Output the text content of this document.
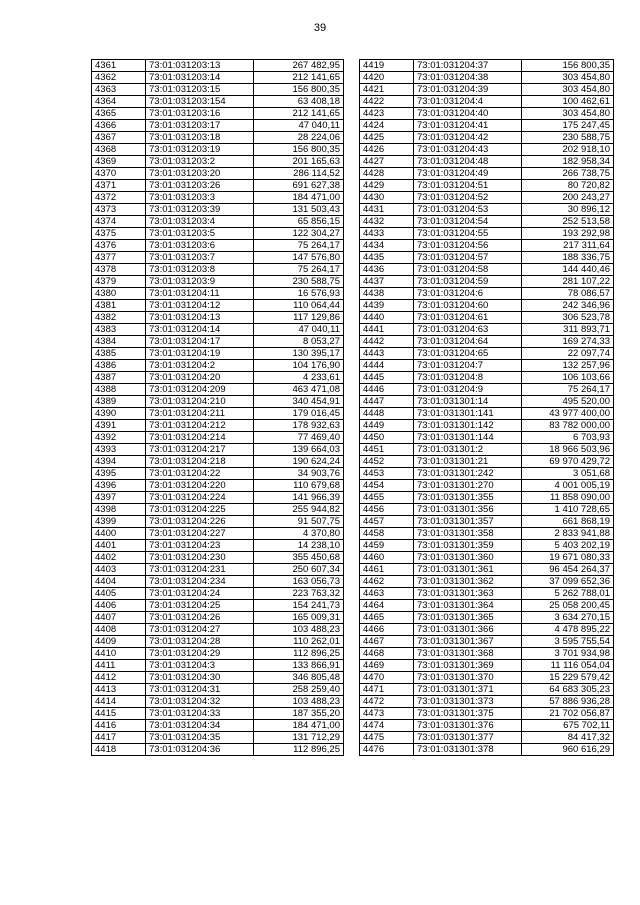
39
4361	73:01:031203:13	267 482,95
4362	73:01:031203:14	212 141,65
4363	73:01:031203:15	156 800,35
4364	73:01:031203:154	63 408,18
4365	73:01:031203:16	212 141,65
4366	73:01:031203:17	47 040,11
4367	73:01:031203:18	28 224,06
4368	73:01:031203:19	156 800,35
4369	73:01:031203:2	201 165,63
4370	73:01:031203:20	286 114,52
4371	73:01:031203:26	691 627,38
4372	73:01:031203:3	184 471,00
4373	73:01:031203:39	131 503,43
4374	73:01:031203:4	65 856,15
4375	73:01:031203:5	122 304,27
4376	73:01:031203:6	75 264,17
4377	73:01:031203:7	147 576,80
4378	73:01:031203:8	75 264,17
4379	73:01:031203:9	230 588,75
4380	73:01:031204:11	16 576,93
4381	73:01:031204:12	110 064,44
4382	73:01:031204:13	117 129,86
4383	73:01:031204:14	47 040,11
4384	73:01:031204:17	8 053,27
4385	73:01:031204:19	130 395,17
4386	73:01:031204:2	104 176,90
4387	73:01:031204:20	4 233,61
4388	73:01:031204:209	463 471,08
4389	73:01:031204:210	340 454,91
4390	73:01:031204:211	179 016,45
4391	73:01:031204:212	178 932,63
4392	73:01:031204:214	77 469,40
4393	73:01:031204:217	139 664,03
4394	73:01:031204:218	190 624,24
4395	73:01:031204:22	34 903,76
4396	73:01:031204:220	110 679,68
4397	73:01:031204:224	141 966,39
4398	73:01:031204:225	255 944,82
4399	73:01:031204:226	91 507,75
4400	73:01:031204:227	4 370,80
4401	73:01:031204:23	14 238,10
4402	73:01:031204:230	355 450,68
4403	73:01:031204:231	250 607,34
4404	73:01:031204:234	163 056,73
4405	73:01:031204:24	223 763,32
4406	73:01:031204:25	154 241,73
4407	73:01:031204:26	165 009,31
4408	73:01:031204:27	103 488,23
4409	73:01:031204:28	110 262,01
4410	73:01:031204:29	112 896,25
4411	73:01:031204:3	133 866,91
4412	73:01:031204:30	346 805,48
4413	73:01:031204:31	258 259,40
4414	73:01:031204:32	103 488,23
4415	73:01:031204:33	187 355,20
4416	73:01:031204:34	184 471,00
4417	73:01:031204:35	131 712,29
4418	73:01:031204:36	112 896,25
4419	73:01:031204:37	156 800,35
4420	73:01:031204:38	303 454,80
4421	73:01:031204:39	303 454,80
4422	73:01:031204:4	100 462,61
4423	73:01:031204:40	303 454,80
4424	73:01:031204:41	175 247,45
4425	73:01:031204:42	230 588,75
4426	73:01:031204:43	202 918,10
4427	73:01:031204:48	182 958,34
4428	73:01:031204:49	266 738,75
4429	73:01:031204:51	80 720,82
4430	73:01:031204:52	200 243,27
4431	73:01:031204:53	30 896,12
4432	73:01:031204:54	252 513,58
4433	73:01:031204:55	193 292,98
4434	73:01:031204:56	217 311,64
4435	73:01:031204:57	188 336,75
4436	73:01:031204:58	144 440,46
4437	73:01:031204:59	281 107,22
4438	73:01:031204:6	78 086,57
4439	73:01:031204:60	242 346,96
4440	73:01:031204:61	306 523,78
4441	73:01:031204:63	311 893,71
4442	73:01:031204:64	169 274,33
4443	73:01:031204:65	22 097,74
4444	73:01:031204:7	132 257,96
4445	73:01:031204:8	106 103,66
4446	73:01:031204:9	75 264,17
4447	73:01:031301:14	495 520,00
4448	73:01:031301:141	43 977 400,00
4449	73:01:031301:142	83 782 000,00
4450	73:01:031301:144	6 703,93
4451	73:01:031301:2	18 966 503,96
4452	73:01:031301:21	69 970 429,72
4453	73:01:031301:242	3 051,68
4454	73:01:031301:270	4 001 005,19
4455	73:01:031301:355	11 858 090,00
4456	73:01:031301:356	1 410 728,65
4457	73:01:031301:357	661 868,19
4458	73:01:031301:358	2 833 941,88
4459	73:01:031301:359	5 403 202,19
4460	73:01:031301:360	19 671 080,33
4461	73:01:031301:361	96 454 264,37
4462	73:01:031301:362	37 099 652,36
4463	73:01:031301:363	5 262 788,01
4464	73:01:031301:364	25 058 200,45
4465	73:01:031301:365	3 634 270,15
4466	73:01:031301:366	4 478 895,22
4467	73:01:031301:367	3 595 755,54
4468	73:01:031301:368	3 701 934,98
4469	73:01:031301:369	11 116 054,04
4470	73:01:031301:370	15 229 579,42
4471	73:01:031301:371	64 683 305,23
4472	73:01:031301:373	57 886 936,28
4473	73:01:031301:375	21 702 056,87
4474	73:01:031301:376	675 702,11
4475	73:01:031301:377	84 417,32
4476	73:01:031301:378	960 616,29
